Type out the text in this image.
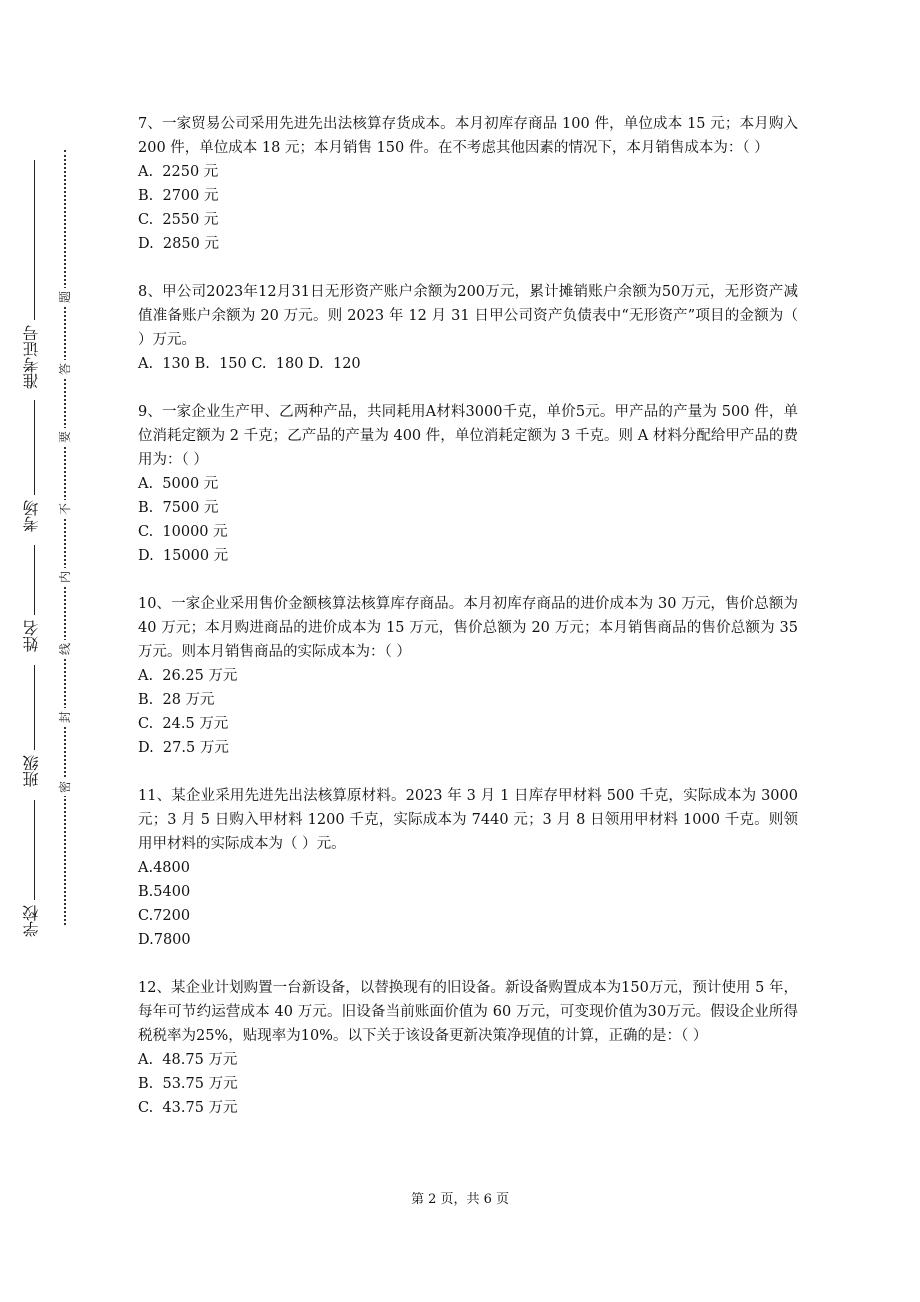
准考证号
考场
姓名
班级
学校
题
答
要
不
内
线
封
密

7、一家贸易公司采用先进先出法核算存货成本。本月初库存商品 100 件，单位成本 15 元；本月购入 200 件，单位成本 18 元；本月销售 150 件。在不考虑其他因素的情况下，本月销售成本为：（ ）

A.  2250 元

B.  2700 元

C.  2550 元

D.  2850 元

8、甲公司2023年12月31日无形资产账户余额为200万元，累计摊销账户余额为50万元，无形资产减值准备账户余额为 20 万元。则 2023 年 12 月 31 日甲公司资产负债表中“无形资产”项目的金额为（ ）万元。

A.  130 B.  150 C.  180 D.  120

9、一家企业生产甲、乙两种产品，共同耗用A材料3000千克，单价5元。甲产品的产量为 500 件，单位消耗定额为 2 千克；乙产品的产量为 400 件，单位消耗定额为 3 千克。则 A 材料分配给甲产品的费用为：（ ）

A.  5000 元

B.  7500 元

C.  10000 元

D.  15000 元

10、一家企业采用售价金额核算法核算库存商品。本月初库存商品的进价成本为 30 万元，售价总额为 40 万元；本月购进商品的进价成本为 15 万元，售价总额为 20 万元；本月销售商品的售价总额为 35 万元。则本月销售商品的实际成本为：（ ）

A.  26.25 万元

B.  28 万元

C.  24.5 万元

D.  27.5 万元

11、某企业采用先进先出法核算原材料。2023 年 3 月 1 日库存甲材料 500 千克，实际成本为 3000 元；3 月 5 日购入甲材料 1200 千克，实际成本为 7440 元；3 月 8 日领用甲材料 1000 千克。则领用甲材料的实际成本为（ ）元。

A.4800

B.5400

C.7200

D.7800

12、某企业计划购置一台新设备，以替换现有的旧设备。新设备购置成本为150万元，预计使用 5 年，每年可节约运营成本 40 万元。旧设备当前账面价值为 60 万元，可变现价值为30万元。假设企业所得税税率为25%，贴现率为10%。以下关于该设备更新决策净现值的计算，正确的是：（ ）

A.  48.75 万元

B.  53.75 万元

C.  43.75 万元

第 2 页，共 6 页
